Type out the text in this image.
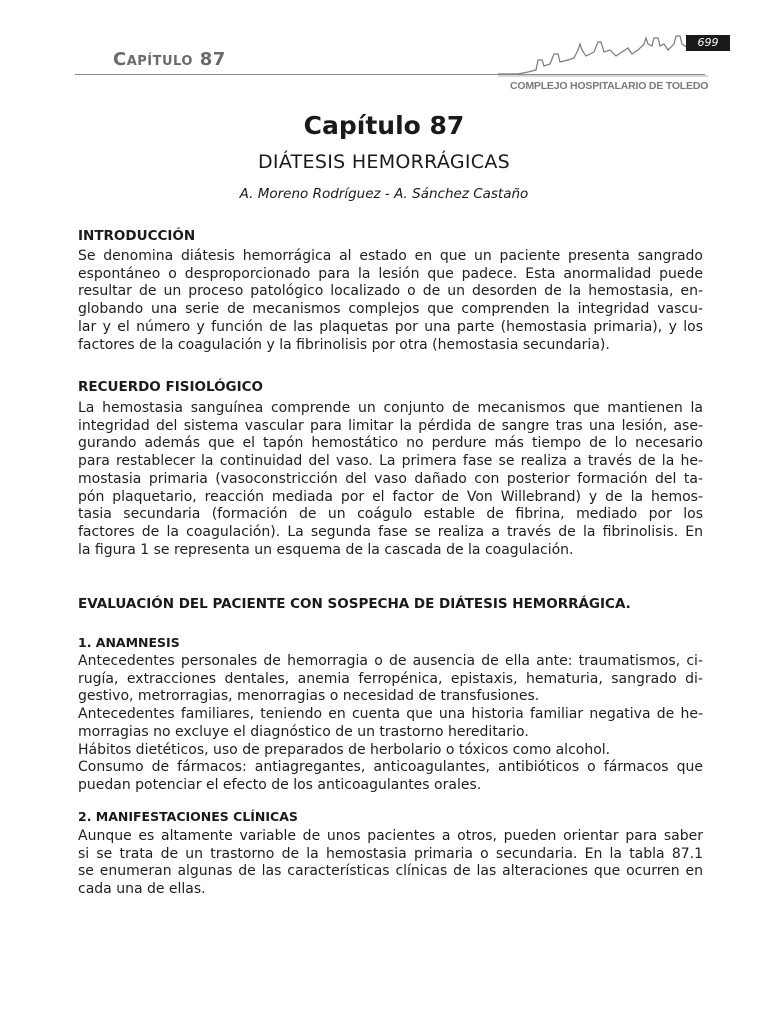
Capítulo 87
699
COMPLEJO HOSPITALARIO DE TOLEDO
Capítulo 87
DIÁTESIS HEMORRÁGICAS
A. Moreno Rodríguez - A. Sánchez Castaño
INTRODUCCIÓN
Se denomina diátesis hemorrágica al estado en que un paciente presenta sangrado
espontáneo o desproporcionado para la lesión que padece. Esta anormalidad puede
resultar de un proceso patológico localizado o de un desorden de la hemostasia, en-
globando una serie de mecanismos complejos que comprenden la integridad vascu-
lar y el número y función de las plaquetas por una parte (hemostasia primaria), y los
factores de la coagulación y la fibrinolisis por otra (hemostasia secundaria).
RECUERDO FISIOLÓGICO
La hemostasia sanguínea comprende un conjunto de mecanismos que mantienen la
integridad del sistema vascular para limitar la pérdida de sangre tras una lesión, ase-
gurando además que el tapón hemostático no perdure más tiempo de lo necesario
para restablecer la continuidad del vaso. La primera fase se realiza a través de la he-
mostasia primaria (vasoconstricción del vaso dañado con posterior formación del ta-
pón plaquetario, reacción mediada por el factor de Von Willebrand) y de la hemos-
tasia secundaria (formación de un coágulo estable de fibrina, mediado por los
factores de la coagulación). La segunda fase se realiza a través de la fibrinolisis. En
la figura 1 se representa un esquema de la cascada de la coagulación.
EVALUACIÓN DEL PACIENTE CON SOSPECHA DE DIÁTESIS HEMORRÁGICA.
1. ANAMNESIS
Antecedentes personales de hemorragia o de ausencia de ella ante: traumatismos, ci-
rugía, extracciones dentales, anemia ferropénica, epistaxis, hematuria, sangrado di-
gestivo, metrorragias, menorragias o necesidad de transfusiones.
Antecedentes familiares, teniendo en cuenta que una historia familiar negativa de he-
morragias no excluye el diagnóstico de un trastorno hereditario.
Hábitos dietéticos, uso de preparados de herbolario o tóxicos como alcohol.
Consumo de fármacos: antiagregantes, anticoagulantes, antibióticos o fármacos que
puedan potenciar el efecto de los anticoagulantes orales.
2. MANIFESTACIONES CLÍNICAS
Aunque es altamente variable de unos pacientes a otros, pueden orientar para saber
si se trata de un trastorno de la hemostasia primaria o secundaria. En la tabla 87.1
se enumeran algunas de las características clínicas de las alteraciones que ocurren en
cada una de ellas.
